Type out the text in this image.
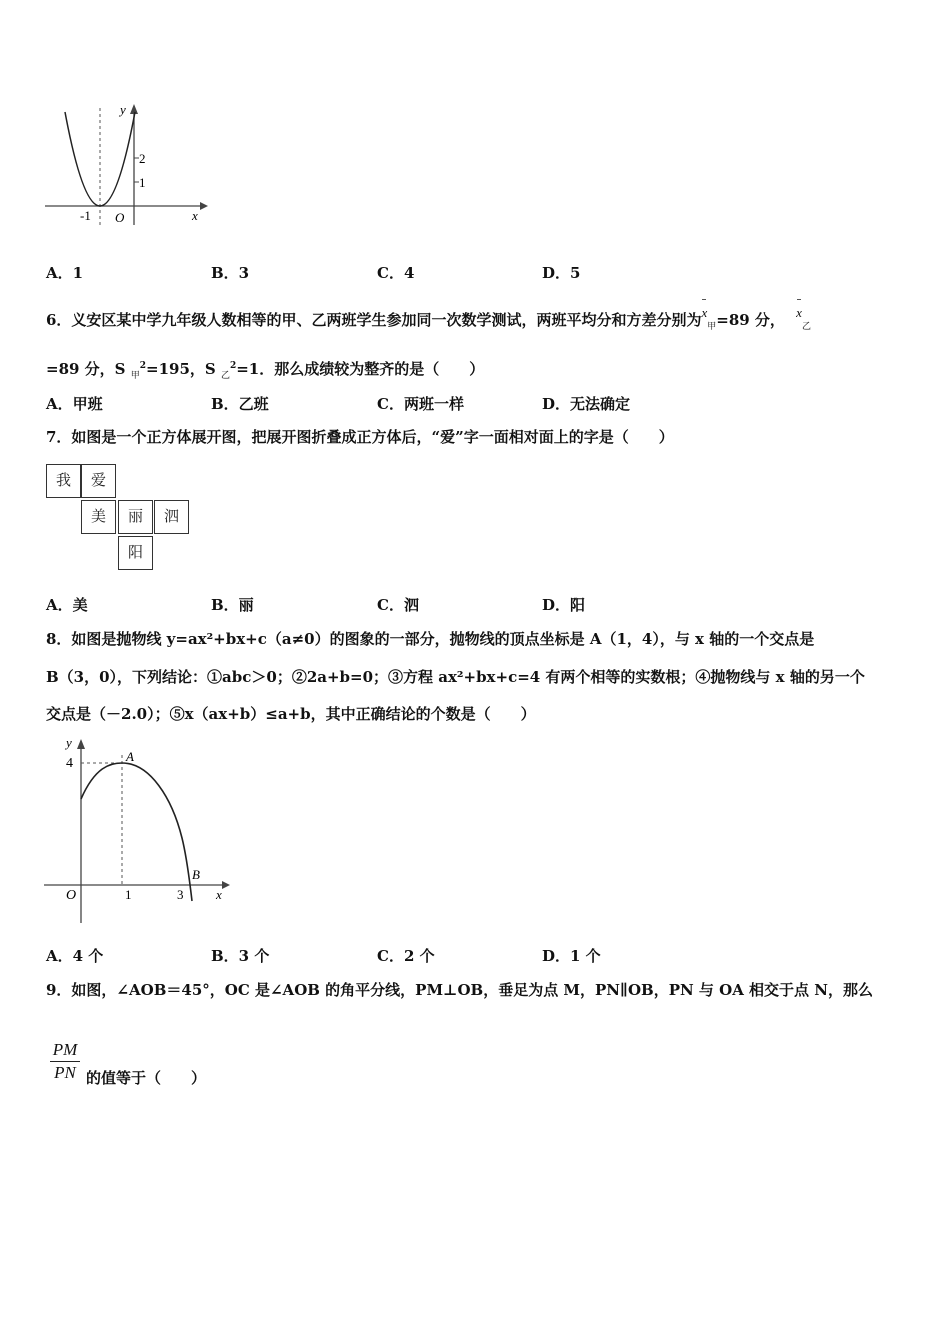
y
2
1
-1 O	x
A．1	B．3	C．4	D．5
6．义安区某中学九年级人数相等的甲、乙两班学生参加同一次数学测试，两班平均分和方差分别为$x_甲=89$ 分， $x_乙$
=89 分，S $_甲^2$=195，S $_乙^2$=1．那么成绩较为整齐的是（　　）
A．甲班	B．乙班	C．两班一样	D．无法确定
7．如图是一个正方体展开图，把展开图折叠成正方体后，“爱”字一面相对面上的字是（　　）
我	爱
美	丽	泗
阳
A．美	B．丽	C．泗	D．阳
8．如图是抛物线 y=ax²+bx+c（a≠0）的图象的一部分，抛物线的顶点坐标是 A（1，4），与 x 轴的一个交点是
B（3，0），下列结论：①abc＞0；②2a+b=0；③方程 ax²+bx+c=4 有两个相等的实数根；④抛物线与 x 轴的另一个
交点是（－2.0）；⑤x（ax+b）≤a+b，其中正确结论的个数是（　　）
y
4	A
B
O	1	3	x
A．4 个	B．3 个	C．2 个	D．1 个
9．如图，∠AOB＝45°，OC 是∠AOB 的角平分线，PM⊥OB，垂足为点 M，PN∥OB，PN 与 OA 相交于点 N，那么
PM
PN 的值等于（　　）
